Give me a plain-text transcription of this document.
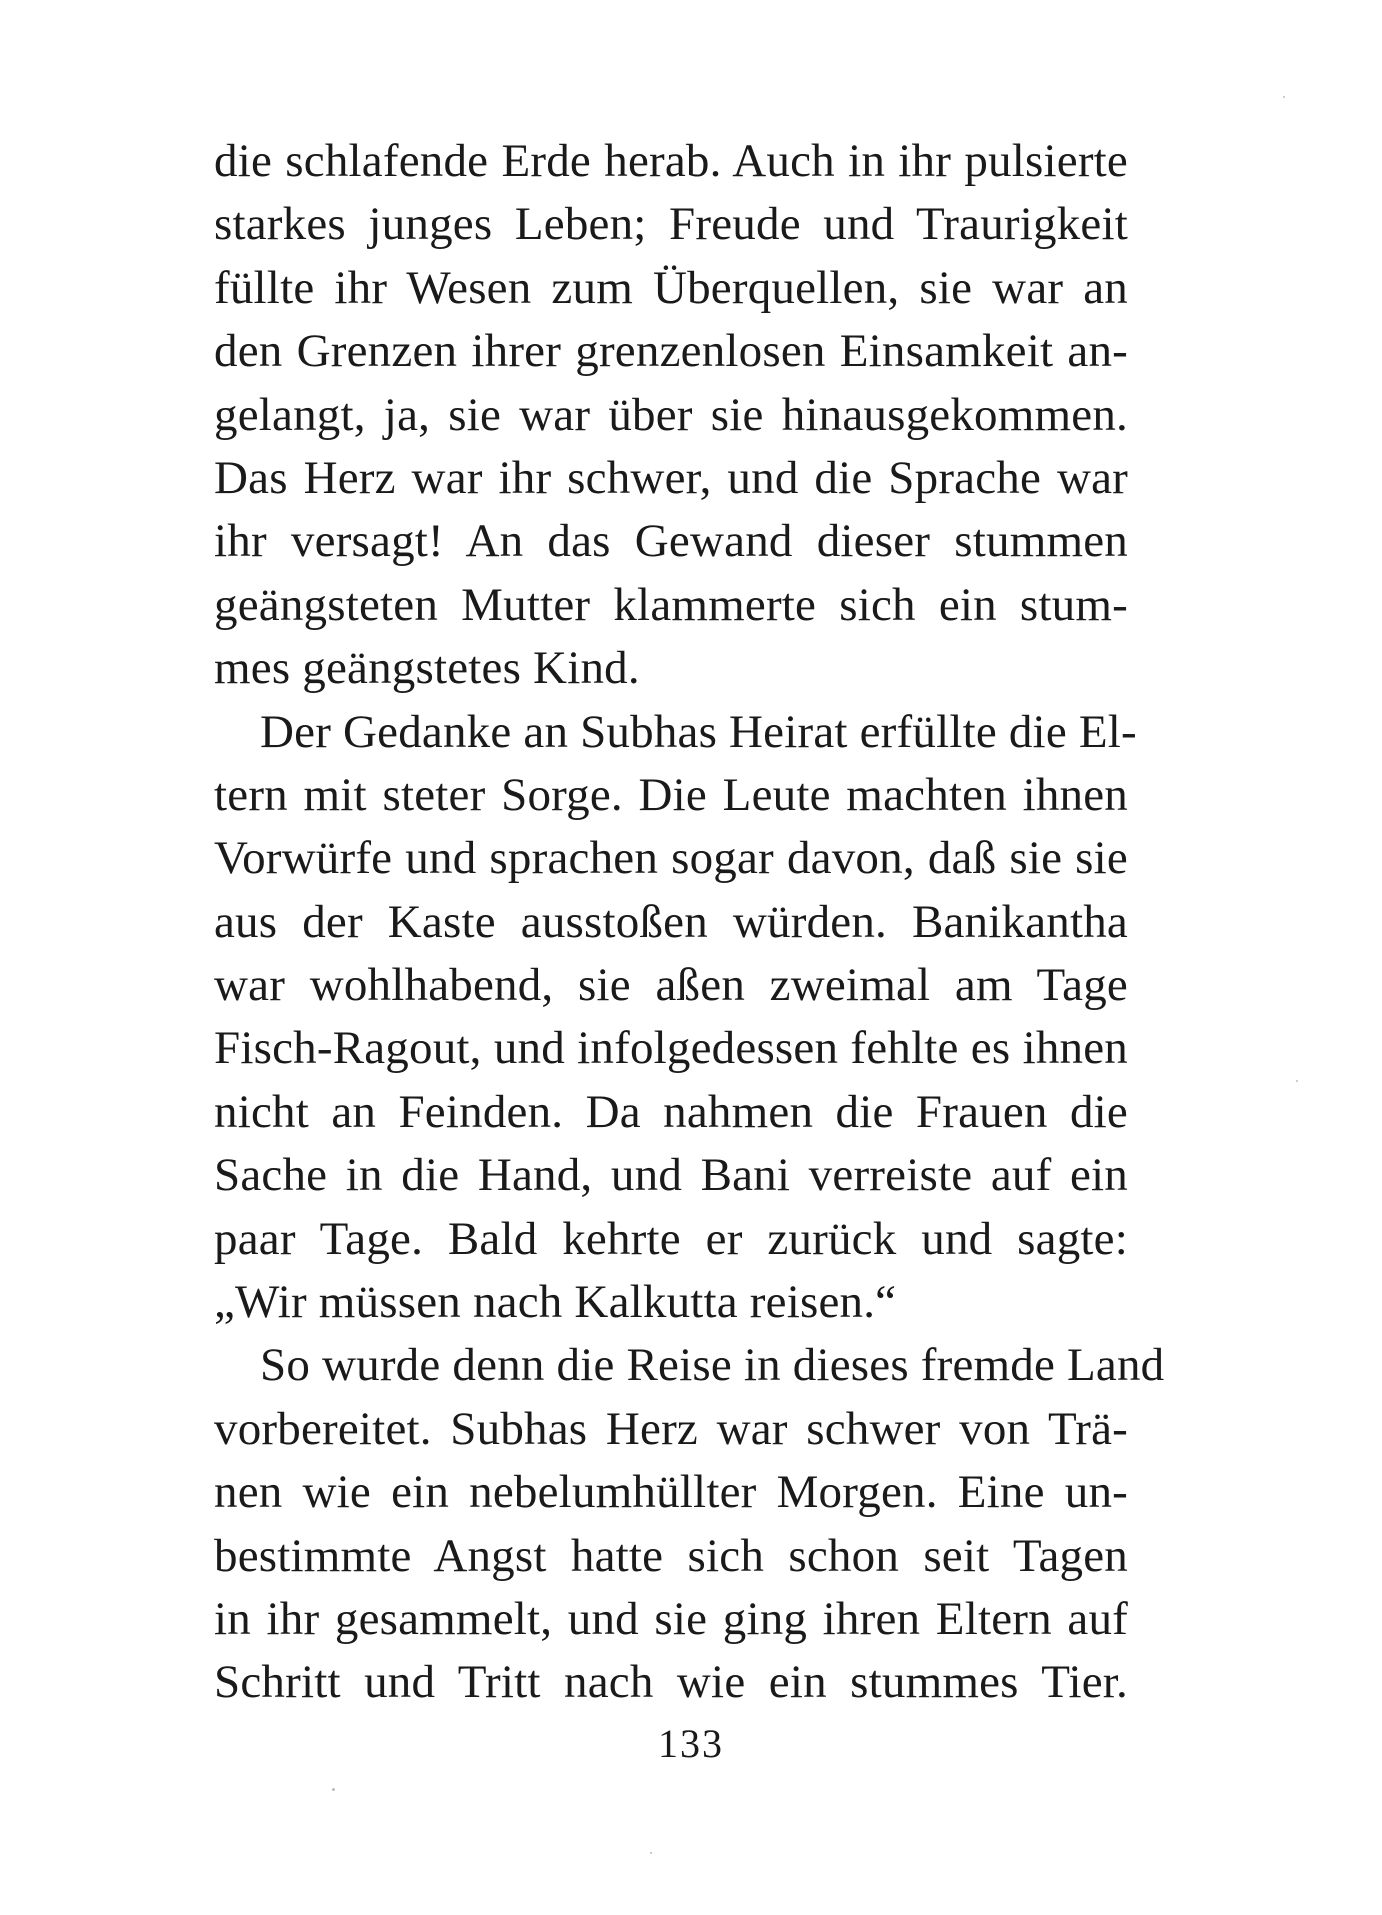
die schlafende Erde herab. Auch in ihr pulsierte
starkes junges Leben; Freude und Traurigkeit
füllte ihr Wesen zum Überquellen, sie war an
den Grenzen ihrer grenzenlosen Einsamkeit an-
gelangt, ja, sie war über sie hinausgekommen.
Das Herz war ihr schwer, und die Sprache war
ihr versagt! An das Gewand dieser stummen
geängsteten Mutter klammerte sich ein stum-
mes geängstetes Kind.
Der Gedanke an Subhas Heirat erfüllte die El-
tern mit steter Sorge. Die Leute machten ihnen
Vorwürfe und sprachen sogar davon, daß sie sie
aus der Kaste ausstoßen würden. Banikantha
war wohlhabend, sie aßen zweimal am Tage
Fisch-Ragout, und infolgedessen fehlte es ihnen
nicht an Feinden. Da nahmen die Frauen die
Sache in die Hand, und Bani verreiste auf ein
paar Tage. Bald kehrte er zurück und sagte:
„Wir müssen nach Kalkutta reisen.“
So wurde denn die Reise in dieses fremde Land
vorbereitet. Subhas Herz war schwer von Trä-
nen wie ein nebelumhüllter Morgen. Eine un-
bestimmte Angst hatte sich schon seit Tagen
in ihr gesammelt, und sie ging ihren Eltern auf
Schritt und Tritt nach wie ein stummes Tier.
133
